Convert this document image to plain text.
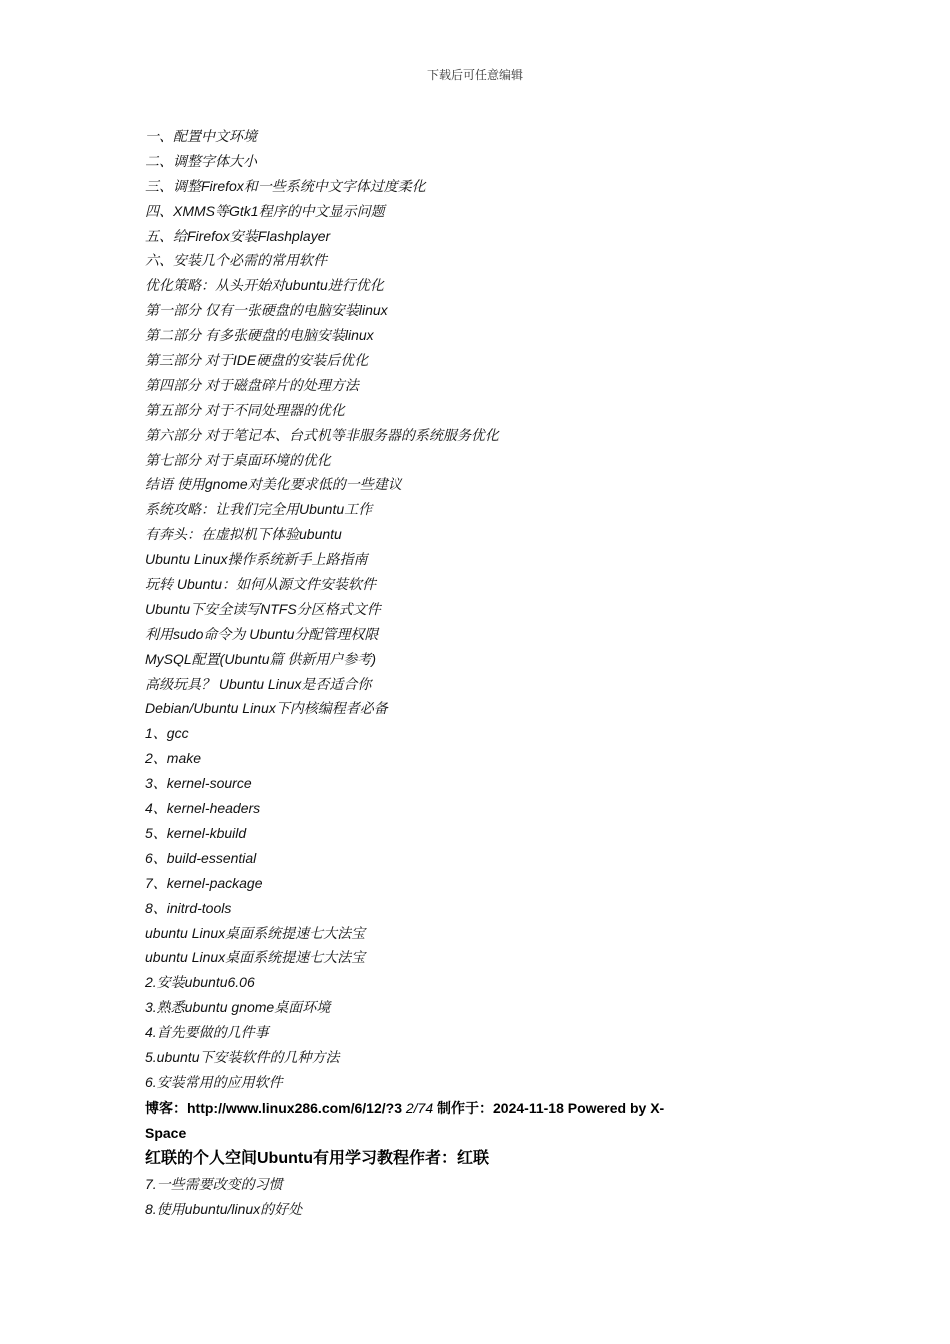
下载后可任意编辑
一、配置中文环境
二、调整字体大小
三、调整Firefox和一些系统中文字体过度柔化
四、XMMS等Gtk1程序的中文显示问题
五、给Firefox安装Flashplayer
六、安装几个必需的常用软件
优化策略：从头开始对ubuntu进行优化
第一部分 仅有一张硬盘的电脑安装linux
第二部分 有多张硬盘的电脑安装linux
第三部分 对于IDE硬盘的安装后优化
第四部分 对于磁盘碎片的处理方法
第五部分 对于不同处理器的优化
第六部分 对于笔记本、台式机等非服务器的系统服务优化
第七部分 对于桌面环境的优化
结语 使用gnome对美化要求低的一些建议
系统攻略：让我们完全用Ubuntu工作
有奔头：在虚拟机下体验ubuntu
Ubuntu Linux操作系统新手上路指南
玩转 Ubuntu：如何从源文件安装软件
Ubuntu下安全读写NTFS分区格式文件
利用sudo命令为 Ubuntu分配管理权限
MySQL配置(Ubuntu篇 供新用户参考)
高级玩具？ Ubuntu Linux是否适合你
Debian/Ubuntu Linux下内核编程者必备
1、gcc
2、make
3、kernel-source
4、kernel-headers
5、kernel-kbuild
6、build-essential
7、kernel-package
8、initrd-tools
ubuntu Linux桌面系统提速七大法宝
ubuntu Linux桌面系统提速七大法宝
2.安装ubuntu6.06
3.熟悉ubuntu gnome桌面环境
4.首先要做的几件事
5.ubuntu下安装软件的几种方法
6.安装常用的应用软件
博客：http://www.linux286.com/6/12/?3 2/74 制作于：2024-11-18 Powered by X-Space
红联的个人空间Ubuntu有用学习教程作者：红联
7.一些需要改变的习惯
8.使用ubuntu/linux的好处
